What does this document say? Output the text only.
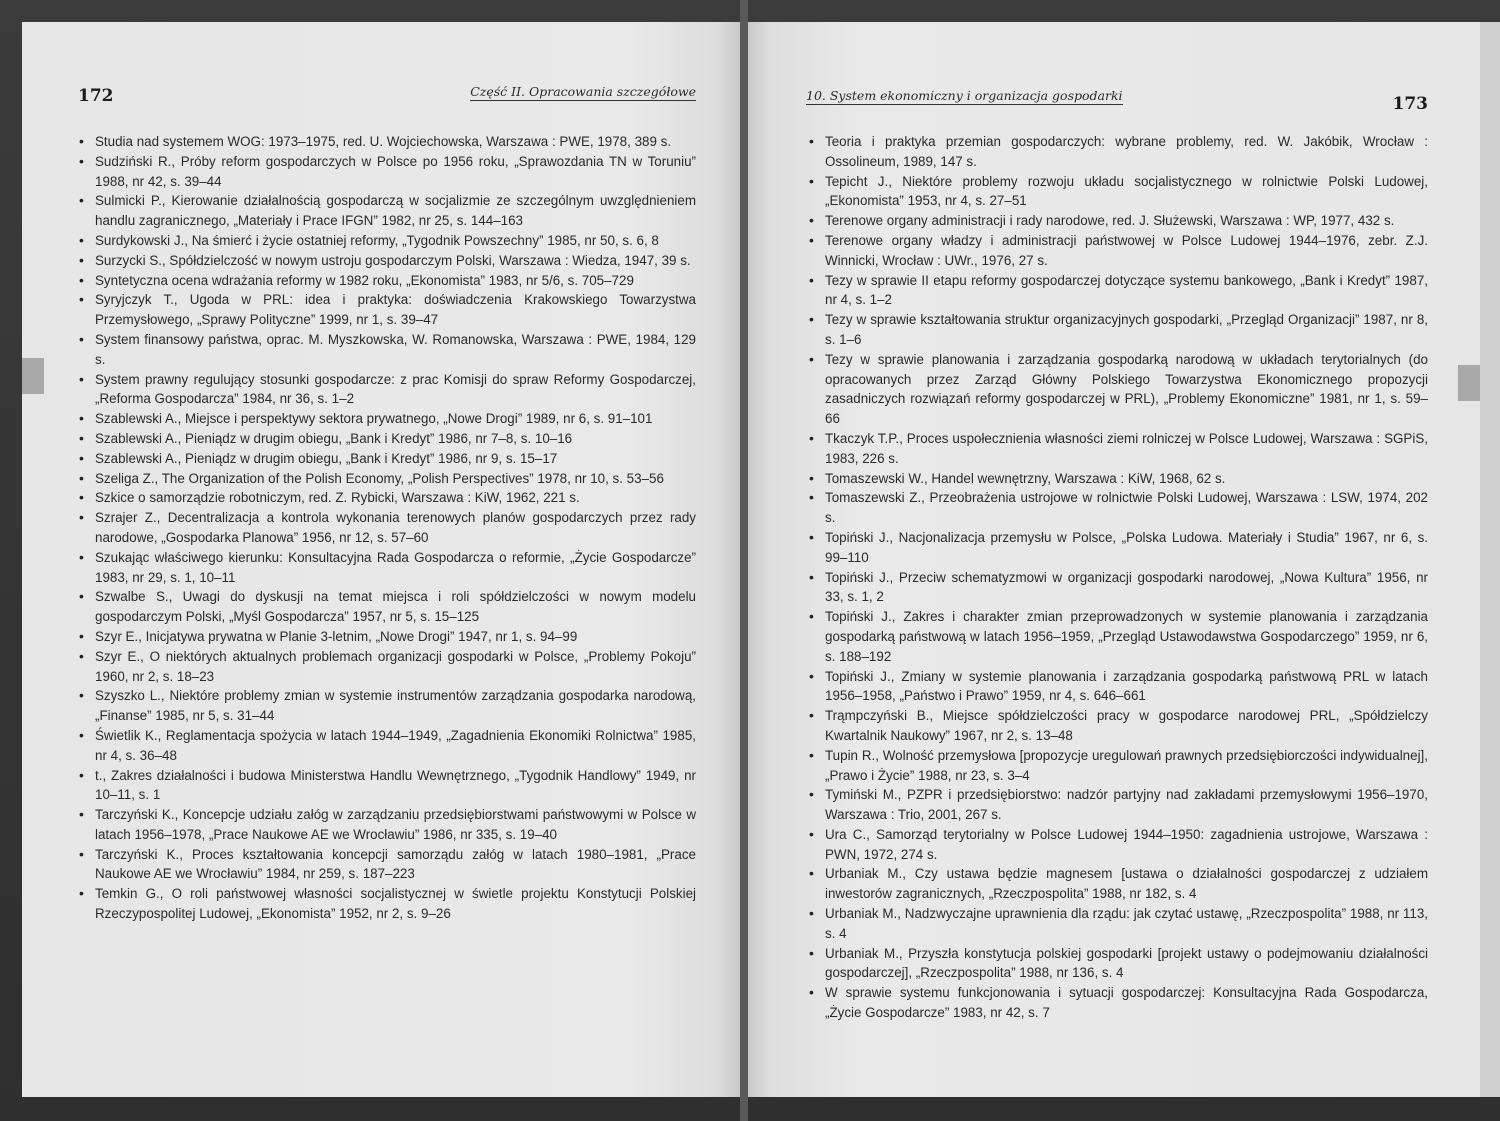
172	Część II. Opracowania szczegółowe
• Studia nad systemem WOG: 1973–1975, red. U. Wojciechowska, Warszawa : PWE, 1978, 389 s.
• Sudziński R., Próby reform gospodarczych w Polsce po 1956 roku, „Sprawozdania TN w Toruniu” 1988, nr 42, s. 39–44
• Sulmicki P., Kierowanie działalnością gospodarczą w socjalizmie ze szczególnym uwzględnieniem handlu zagranicznego, „Materiały i Prace IFGN” 1982, nr 25, s. 144–163
• Surdykowski J., Na śmierć i życie ostatniej reformy, „Tygodnik Powszechny” 1985, nr 50, s. 6, 8
• Surzycki S., Spółdzielczość w nowym ustroju gospodarczym Polski, Warszawa : Wiedza, 1947, 39 s.
• Syntetyczna ocena wdrażania reformy w 1982 roku, „Ekonomista” 1983, nr 5/6, s. 705–729
• Syryjczyk T., Ugoda w PRL: idea i praktyka: doświadczenia Krakowskiego Towarzystwa Przemysłowego, „Sprawy Polityczne” 1999, nr 1, s. 39–47
• System finansowy państwa, oprac. M. Myszkowska, W. Romanowska, Warszawa : PWE, 1984, 129 s.
• System prawny regulujący stosunki gospodarcze: z prac Komisji do spraw Reformy Gospodarczej, „Reforma Gospodarcza” 1984, nr 36, s. 1–2
• Szablewski A., Miejsce i perspektywy sektora prywatnego, „Nowe Drogi” 1989, nr 6, s. 91–101
• Szablewski A., Pieniądz w drugim obiegu, „Bank i Kredyt” 1986, nr 7–8, s. 10–16
• Szablewski A., Pieniądz w drugim obiegu, „Bank i Kredyt” 1986, nr 9, s. 15–17
• Szeliga Z., The Organization of the Polish Economy, „Polish Perspectives” 1978, nr 10, s. 53–56
• Szkice o samorządzie robotniczym, red. Z. Rybicki, Warszawa : KiW, 1962, 221 s.
• Szrajer Z., Decentralizacja a kontrola wykonania terenowych planów gospodarczych przez rady narodowe, „Gospodarka Planowa” 1956, nr 12, s. 57–60
• Szukając właściwego kierunku: Konsultacyjna Rada Gospodarcza o reformie, „Życie Gospodarcze” 1983, nr 29, s. 1, 10–11
• Szwalbe S., Uwagi do dyskusji na temat miejsca i roli spółdzielczości w nowym modelu gospodarczym Polski, „Myśl Gospodarcza” 1957, nr 5, s. 15–125
• Szyr E., Inicjatywa prywatna w Planie 3-letnim, „Nowe Drogi” 1947, nr 1, s. 94–99
• Szyr E., O niektórych aktualnych problemach organizacji gospodarki w Polsce, „Problemy Pokoju” 1960, nr 2, s. 18–23
• Szyszko L., Niektóre problemy zmian w systemie instrumentów zarządzania gospodarka narodową, „Finanse” 1985, nr 5, s. 31–44
• Świetlik K., Reglamentacja spożycia w latach 1944–1949, „Zagadnienia Ekonomiki Rolnictwa” 1985, nr 4, s. 36–48
• t., Zakres działalności i budowa Ministerstwa Handlu Wewnętrznego, „Tygodnik Handlowy” 1949, nr 10–11, s. 1
• Tarczyński K., Koncepcje udziału załóg w zarządzaniu przedsiębiorstwami państwowymi w Polsce w latach 1956–1978, „Prace Naukowe AE we Wrocławiu” 1986, nr 335, s. 19–40
• Tarczyński K., Proces kształtowania koncepcji samorządu załóg w latach 1980–1981, „Prace Naukowe AE we Wrocławiu” 1984, nr 259, s. 187–223
• Temkin G., O roli państwowej własności socjalistycznej w świetle projektu Konstytucji Polskiej Rzeczypospolitej Ludowej, „Ekonomista” 1952, nr 2, s. 9–26
10. System ekonomiczny i organizacja gospodarki	173
• Teoria i praktyka przemian gospodarczych: wybrane problemy, red. W. Jakóbik, Wrocław : Ossolineum, 1989, 147 s.
• Tepicht J., Niektóre problemy rozwoju układu socjalistycznego w rolnictwie Polski Ludowej, „Ekonomista” 1953, nr 4, s. 27–51
• Terenowe organy administracji i rady narodowe, red. J. Służewski, Warszawa : WP, 1977, 432 s.
• Terenowe organy władzy i administracji państwowej w Polsce Ludowej 1944–1976, zebr. Z.J. Winnicki, Wrocław : UWr., 1976, 27 s.
• Tezy w sprawie II etapu reformy gospodarczej dotyczące systemu bankowego, „Bank i Kredyt” 1987, nr 4, s. 1–2
• Tezy w sprawie kształtowania struktur organizacyjnych gospodarki, „Przegląd Organizacji” 1987, nr 8, s. 1–6
• Tezy w sprawie planowania i zarządzania gospodarką narodową w układach terytorialnych (do opracowanych przez Zarząd Główny Polskiego Towarzystwa Ekonomicznego propozycji zasadniczych rozwiązań reformy gospodarczej w PRL), „Problemy Ekonomiczne” 1981, nr 1, s. 59–66
• Tkaczyk T.P., Proces uspołecznienia własności ziemi rolniczej w Polsce Ludowej, Warszawa : SGPiS, 1983, 226 s.
• Tomaszewski W., Handel wewnętrzny, Warszawa : KiW, 1968, 62 s.
• Tomaszewski Z., Przeobrażenia ustrojowe w rolnictwie Polski Ludowej, Warszawa : LSW, 1974, 202 s.
• Topiński J., Nacjonalizacja przemysłu w Polsce, „Polska Ludowa. Materiały i Studia” 1967, nr 6, s. 99–110
• Topiński J., Przeciw schematyzmowi w organizacji gospodarki narodowej, „Nowa Kultura” 1956, nr 33, s. 1, 2
• Topiński J., Zakres i charakter zmian przeprowadzonych w systemie planowania i zarządzania gospodarką państwową w latach 1956–1959, „Przegląd Ustawodawstwa Gospodarczego” 1959, nr 6, s. 188–192
• Topiński J., Zmiany w systemie planowania i zarządzania gospodarką państwową PRL w latach 1956–1958, „Państwo i Prawo” 1959, nr 4, s. 646–661
• Trąmpczyński B., Miejsce spółdzielczości pracy w gospodarce narodowej PRL, „Spółdzielczy Kwartalnik Naukowy” 1967, nr 2, s. 13–48
• Tupin R., Wolność przemysłowa [propozycje uregulowań prawnych przedsiębiorczości indywidualnej], „Prawo i Życie” 1988, nr 23, s. 3–4
• Tymiński M., PZPR i przedsiębiorstwo: nadzór partyjny nad zakładami przemysłowymi 1956–1970, Warszawa : Trio, 2001, 267 s.
• Ura C., Samorząd terytorialny w Polsce Ludowej 1944–1950: zagadnienia ustrojowe, Warszawa : PWN, 1972, 274 s.
• Urbaniak M., Czy ustawa będzie magnesem [ustawa o działalności gospodarczej z udziałem inwestorów zagranicznych, „Rzeczpospolita” 1988, nr 182, s. 4
• Urbaniak M., Nadzwyczajne uprawnienia dla rządu: jak czytać ustawę, „Rzeczpospolita” 1988, nr 113, s. 4
• Urbaniak M., Przyszła konstytucja polskiej gospodarki [projekt ustawy o podejmowaniu działalności gospodarczej], „Rzeczpospolita” 1988, nr 136, s. 4
• W sprawie systemu funkcjonowania i sytuacji gospodarczej: Konsultacyjna Rada Gospodarcza, „Życie Gospodarcze” 1983, nr 42, s. 7
